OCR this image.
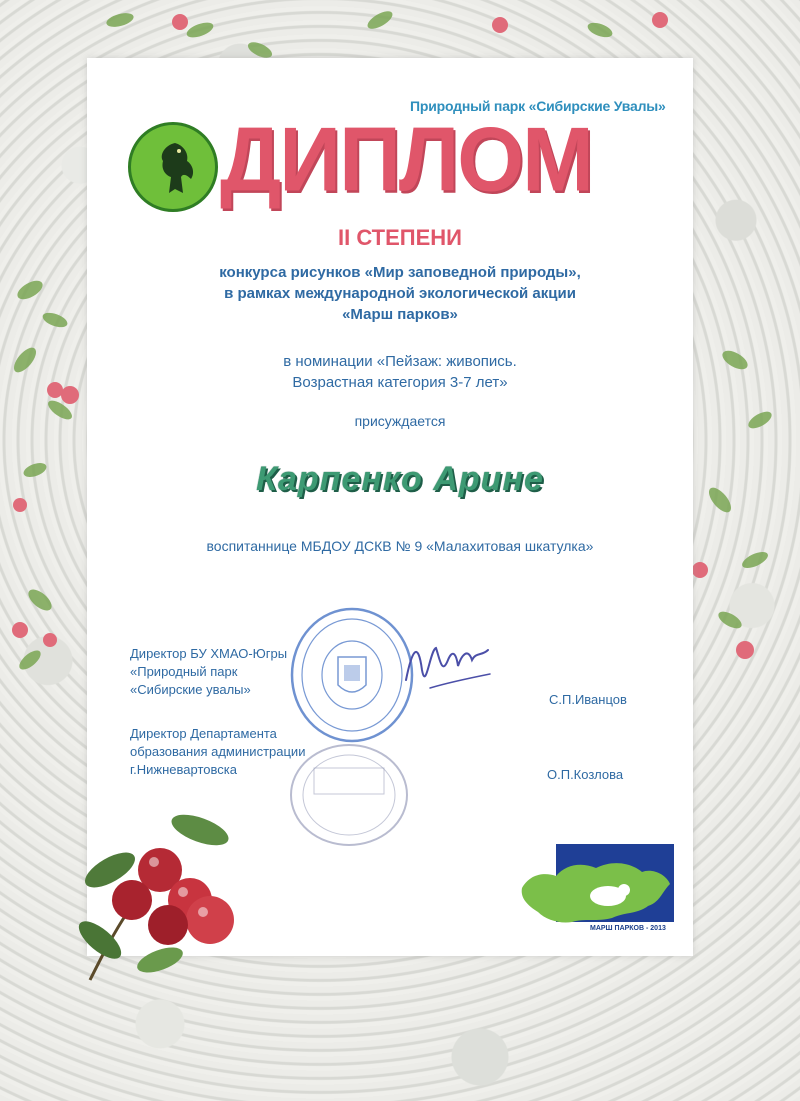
Природный парк «Сибирские Увалы»
ДИПЛОМ
II СТЕПЕНИ
конкурса рисунков «Мир заповедной природы»,
в рамках международной экологической акции
«Марш парков»
в номинации «Пейзаж: живопись.
Возрастная категория 3-7 лет»
присуждается
Карпенко Арине
воспитаннице МБДОУ ДСКВ № 9 «Малахитовая шкатулка»
Директор БУ ХМАО-Югры
«Природный парк
«Сибирские увалы»
С.П.Иванцов
Директор Департамента
образования администрации
г.Нижневартовска	О.П.Козлова
МАРШ ПАРКОВ - 2013
